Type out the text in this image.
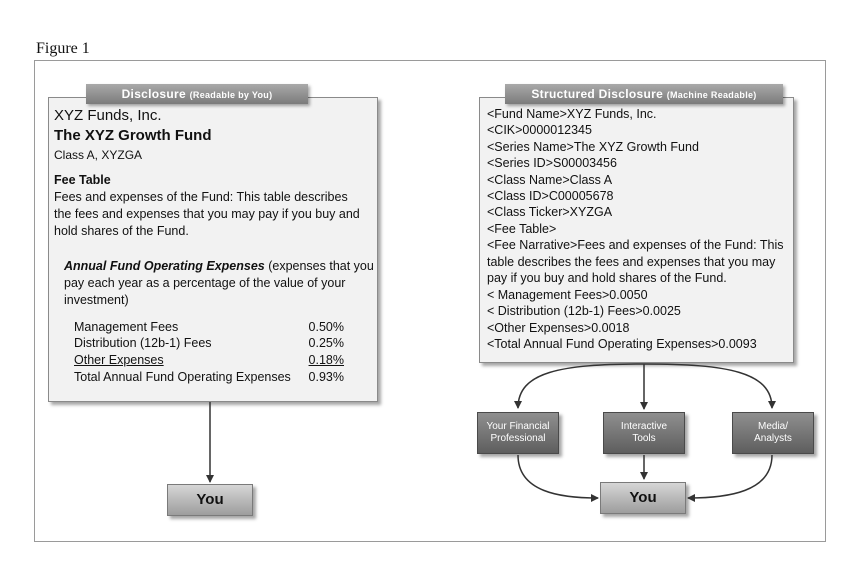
Figure 1
Disclosure (Readable by You)
XYZ Funds, Inc.
The XYZ Growth Fund
Class A, XYZGA
Fee Table
Fees and expenses of the Fund: This table describes
the fees and expenses that you may pay if you buy and
hold shares of the Fund.
Annual Fund Operating Expenses (expenses that you
pay each year as a percentage of the value of your
investment)
Management Fees	0.50%
Distribution (12b-1) Fees	0.25%
Other Expenses	0.18%
Total Annual Fund Operating Expenses	0.93%
You
Structured Disclosure (Machine Readable)
<Fund Name>XYZ Funds, Inc.
<CIK>0000012345
<Series Name>The XYZ Growth Fund
<Series ID>S00003456
<Class Name>Class A
<Class ID>C00005678
<Class Ticker>XYZGA
<Fee Table>
<Fee Narrative>Fees and expenses of the Fund: This
table describes the fees and expenses that you may
pay if you buy and hold shares of the Fund.
< Management Fees>0.0050
< Distribution (12b-1) Fees>0.0025
<Other Expenses>0.0018
<Total Annual Fund Operating Expenses>0.0093
Your Financial
Professional
Interactive
Tools
Media/
Analysts
You
